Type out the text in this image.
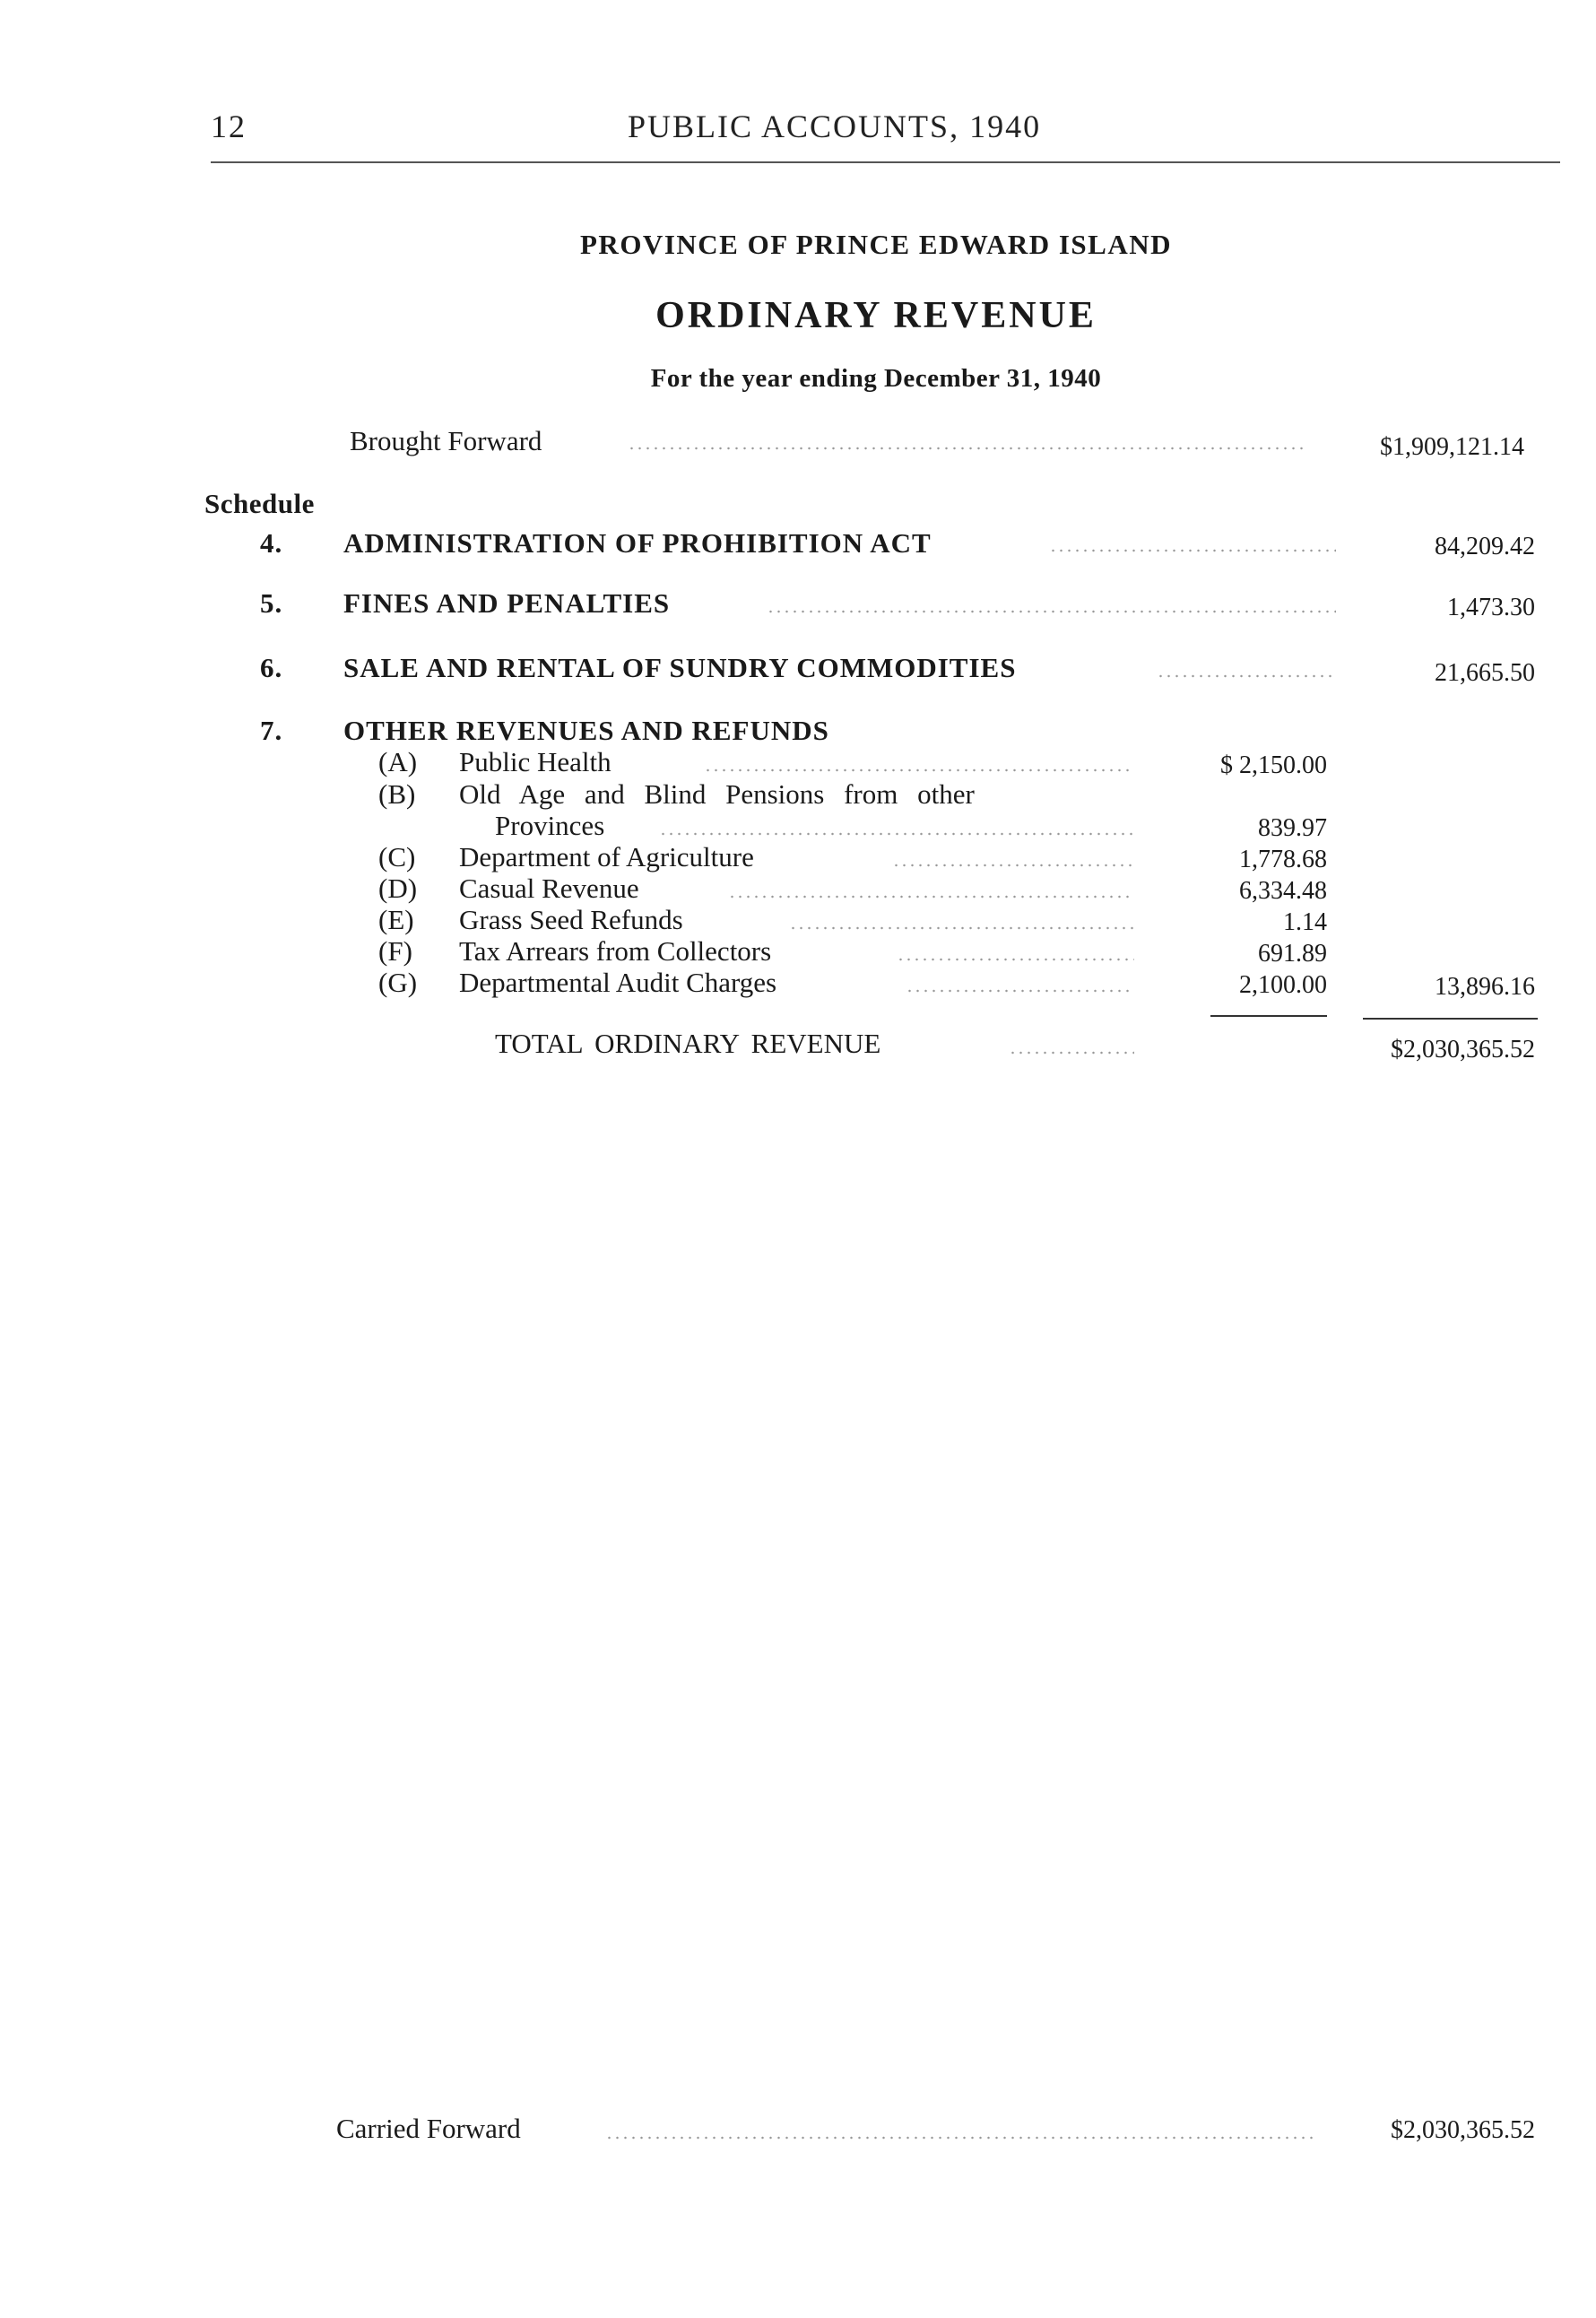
12	PUBLIC ACCOUNTS, 1940
PROVINCE OF PRINCE EDWARD ISLAND
ORDINARY REVENUE
For the year ending December 31, 1940
Brought Forward	$1,909,121.14
Schedule
4. ADMINISTRATION OF PROHIBITION ACT	84,209.42
5. FINES AND PENALTIES	1,473.30
6. SALE AND RENTAL OF SUNDRY COMMODITIES	21,665.50
7. OTHER REVENUES AND REFUNDS
(A) Public Health	$ 2,150.00
(B) Old Age and Blind Pensions from other
Provinces	839.97
(C) Department of Agriculture	1,778.68
(D) Casual Revenue	6,334.48
(E) Grass Seed Refunds	1.14
(F) Tax Arrears from Collectors	691.89
(G) Departmental Audit Charges	2,100.00	13,896.16
TOTAL ORDINARY REVENUE	$2,030,365.52
Carried Forward	$2,030,365.52
